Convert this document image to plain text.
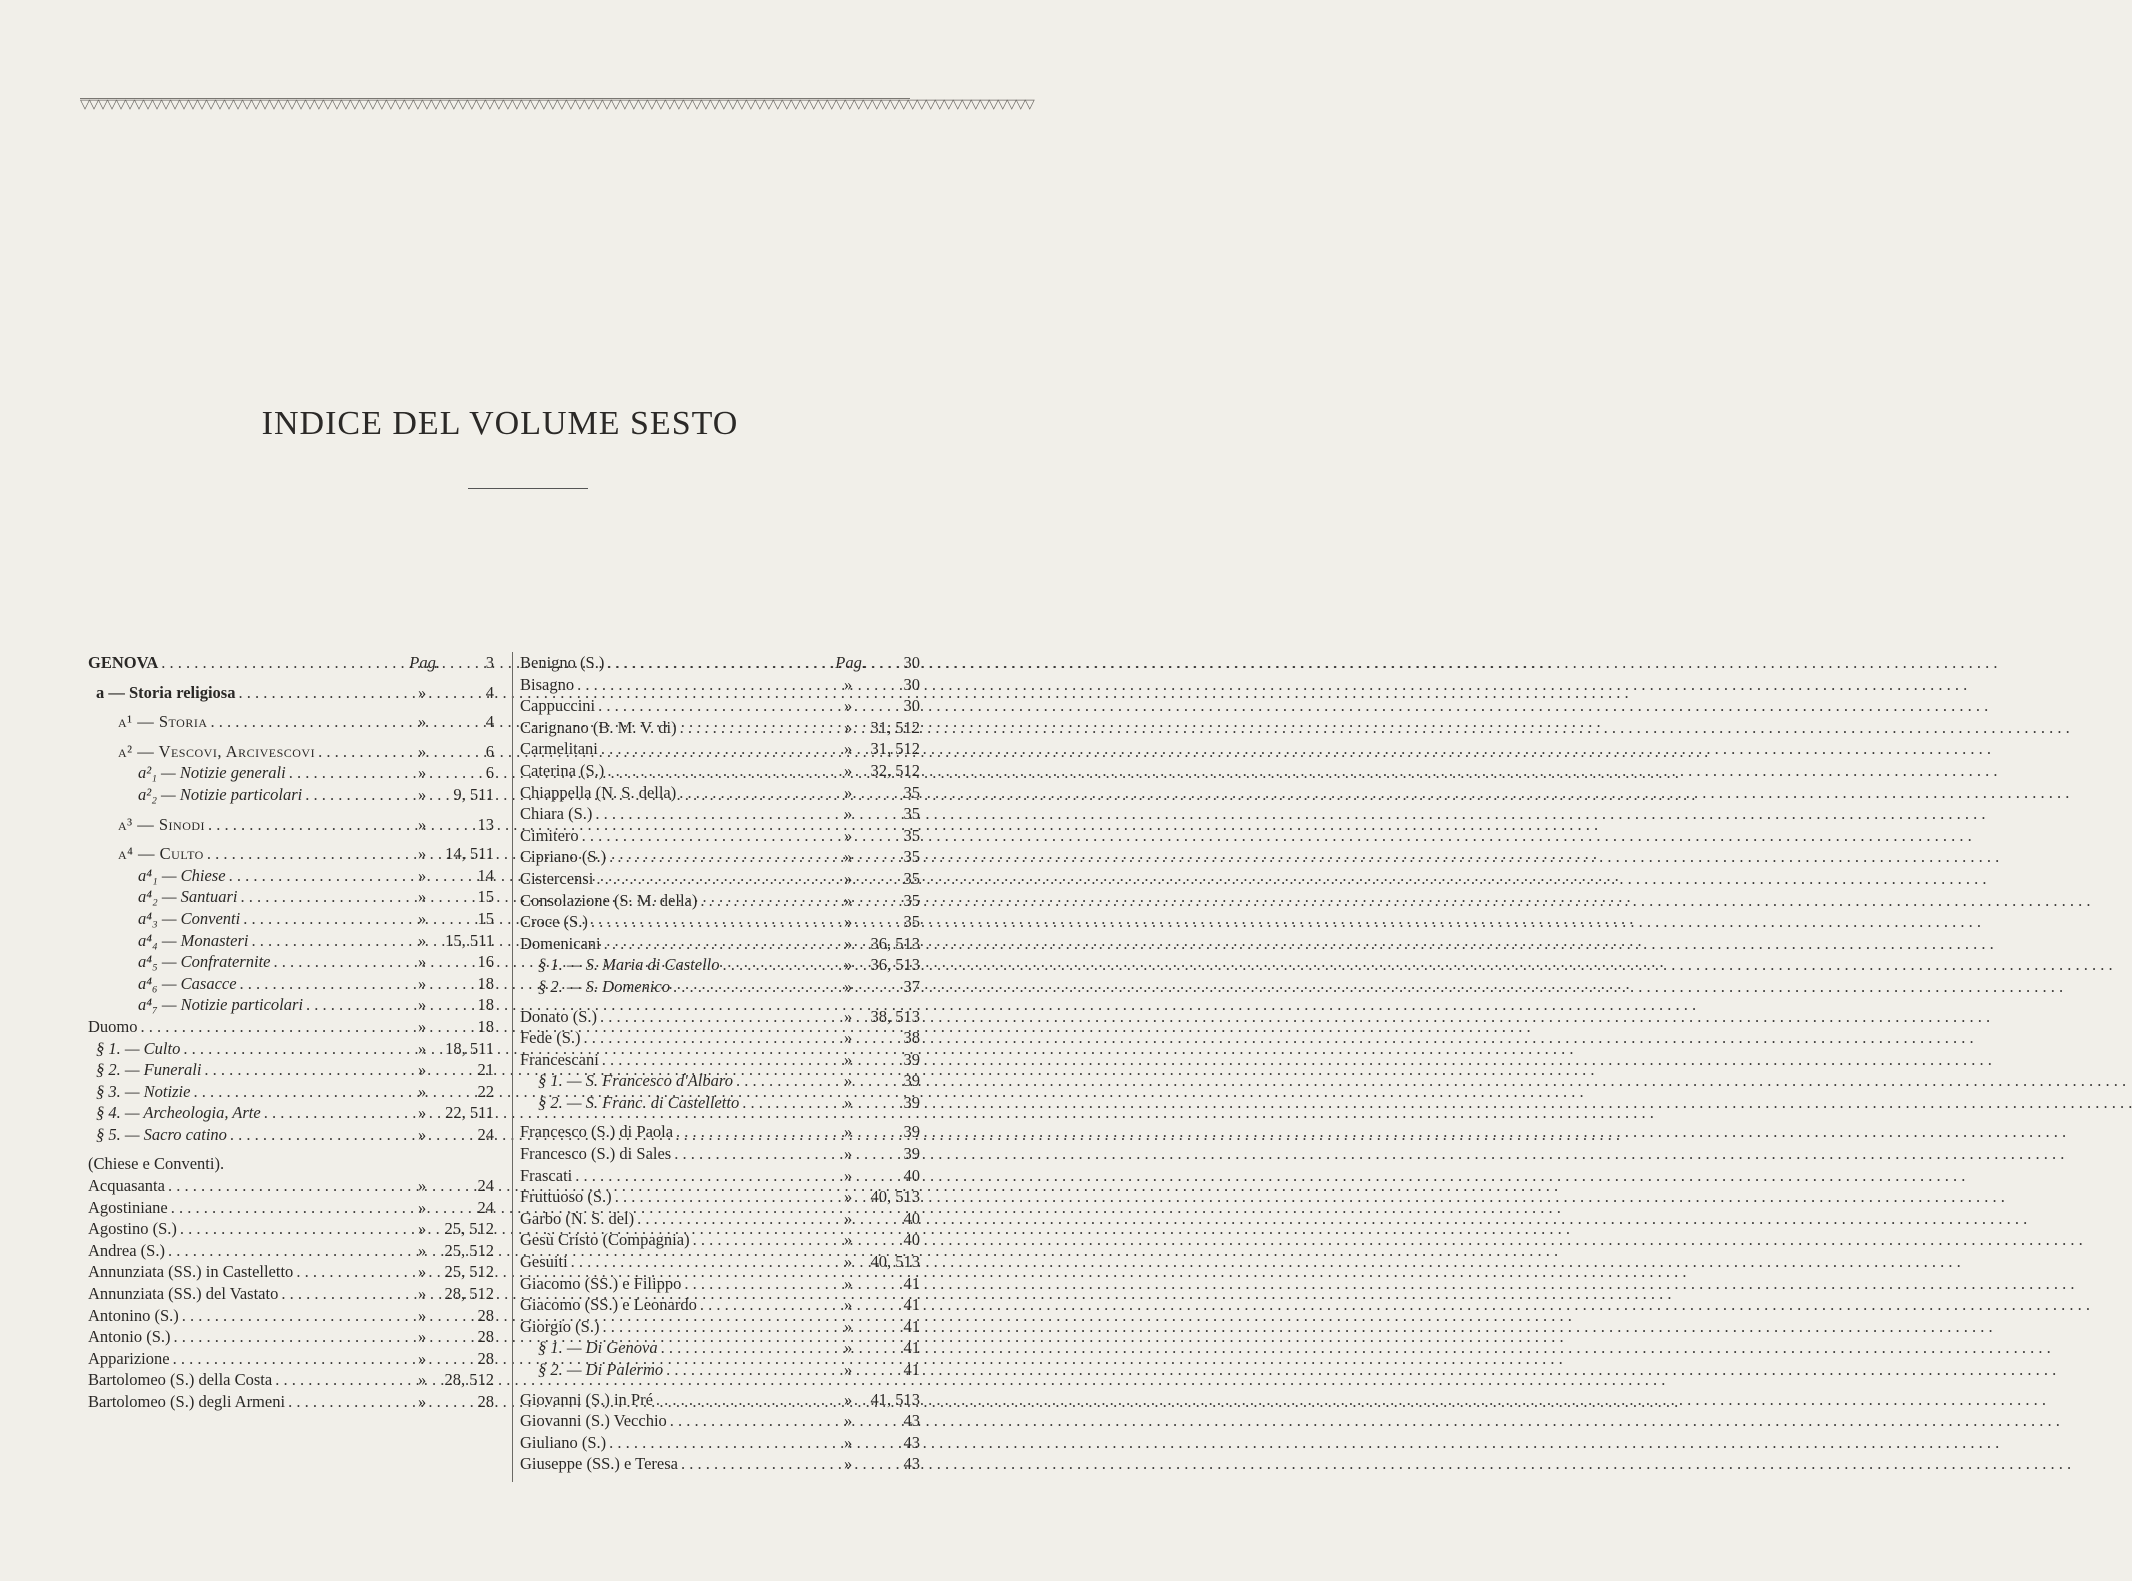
▽▽▽▽▽▽▽▽▽▽▽▽▽▽▽▽▽▽▽▽▽▽▽▽▽▽▽▽▽▽▽▽▽▽▽▽▽▽▽▽▽▽▽▽▽▽▽▽▽▽▽▽▽▽▽▽▽▽▽▽▽▽▽▽▽▽▽▽▽▽▽▽▽▽▽▽▽▽▽▽▽▽▽▽▽▽▽▽▽▽▽▽▽▽▽▽▽▽▽▽▽▽▽▽▽▽
INDICE DEL VOLUME SESTO
GENOVA . . .	Pag.	3
a — Storia religiosa . . .	»	4
a¹ — Storia . . .	»	4
a² — Vescovi, Arcivescovi . . .	»	6
a²₁ — Notizie generali . . .	»	6
a²₂ — Notizie particolari . . .	»	9, 511
a³ — Sinodi . . .	»	13
a⁴ — Culto . . .	»	14, 511
a⁴₁ — Chiese . . .	»	14
a⁴₂ — Santuari . . .	»	15
a⁴₃ — Conventi . . .	»	15
a⁴₄ — Monasteri . . .	»	15, 511
a⁴₅ — Confraternite . . .	»	16
a⁴₆ — Casacce . . .	»	18
a⁴₇ — Notizie particolari . . .	»	18
Duomo . . .	»	18
§ 1. — Culto . . .	»	18, 511
§ 2. — Funerali . . .	»	21
§ 3. — Notizie . . .	»	22
§ 4. — Archeologia, Arte . . .	»	22, 511
§ 5. — Sacro catino . . .	»	24
(Chiese e Conventi).
Acquasanta . . .	»	24
Agostiniane . . .	»	24
Agostino (S.) . . .	»	25, 512
Andrea (S.) . . .	»	25, 512
Annunziata (SS.) in Castelletto . . .	»	25, 512
Annunziata (SS.) del Vastato . . .	»	28, 512
Antonino (S.) . . .	»	28
Antonio (S.) . . .	»	28
Apparizione . . .	»	28
Bartolomeo (S.) della Costa . . .	»	28, 512
Bartolomeo (S.) degli Armeni . . .	»	28
Benigno (S.) . . .	Pag.	30
Bisagno . . .	»	30
Cappuccini . . .	»	30
Carignano (B. M. V. di) . . .	»	31, 512
Carmelitani . . .	»	31, 512
Caterina (S.) . . .	»	32, 512
Chiappella (N. S. della) . . .	»	35
Chiara (S.) . . .	»	35
Cimitero . . .	»	35
Cipriano (S.) . . .	»	35
Cistercensi . . .	»	35
Consolazione (S. M. della) . . .	»	35
Croce (S.) . . .	»	35
Domenicani . . .	»	36, 513
§ 1. — S. Maria di Castello . . .	»	36, 513
§ 2. — S. Domenico . . .	»	37
Donato (S.) . . .	»	38, 513
Fede (S.) . . .	»	38
Francescani . . .	»	39
§ 1. — S. Francesco d'Albaro . . .	»	39
§ 2. — S. Franc. di Castelletto . . .	»	39
Francesco (S.) di Paola . . .	»	39
Francesco (S.) di Sales . . .	»	39
Frascati . . .	»	40
Fruttuoso (S.) . . .	»	40, 513
Garbo (N. S. del) . . .	»	40
Gesù Cristo (Compagnia) . . .	»	40
Gesuiti . . .	»	40, 513
Giacomo (SS.) e Filippo . . .	»	41
Giacomo (SS.) e Leonardo . . .	»	41
Giorgio (S.) . . .	»	41
§ 1. — Di Genova . . .	»	41
§ 2. — Di Palermo . . .	»	41
Giovanni (S.) in Pré . . .	»	41, 513
Giovanni (S.) Vecchio . . .	»	43
Giuliano (S.) . . .	»	43
Giuseppe (SS.) e Teresa . . .	»	43
